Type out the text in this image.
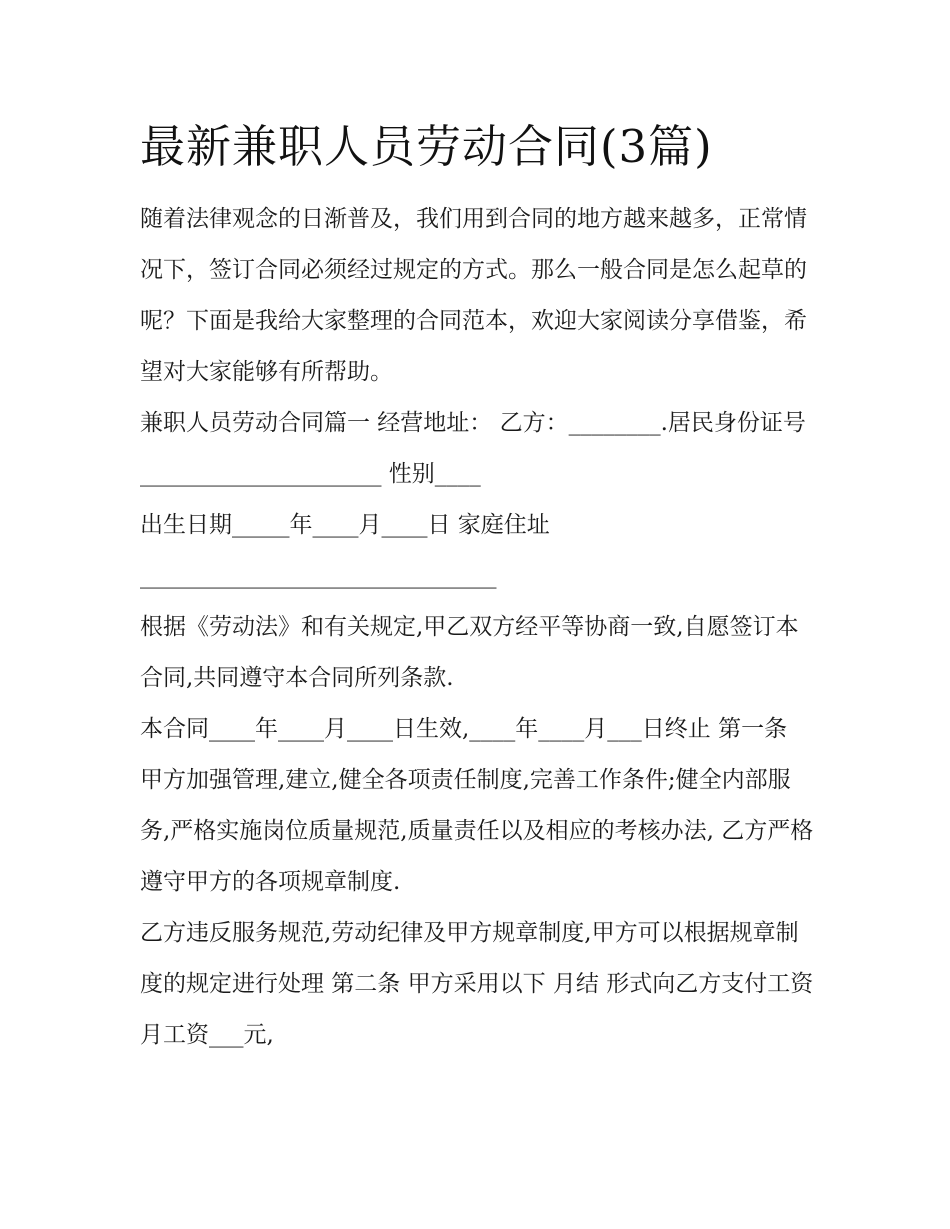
最新兼职人员劳动合同(3篇)

随着法律观念的日渐普及，我们用到合同的地方越来越多，正常情况下，签订合同必须经过规定的方式。那么一般合同是怎么起草的呢？下面是我给大家整理的合同范本，欢迎大家阅读分享借鉴，希望对大家能够有所帮助。

兼职人员劳动合同篇一 经营地址： 乙方：________.居民身份证号_____________________ 性别____

出生日期_____年____月____日 家庭住址

_______________________________

根据《劳动法》和有关规定,甲乙双方经平等协商一致,自愿签订本合同,共同遵守本合同所列条款.

本合同____年____月____日生效,____年____月___日终止 第一条

甲方加强管理,建立,健全各项责任制度,完善工作条件;健全内部服务,严格实施岗位质量规范,质量责任以及相应的考核办法, 乙方严格遵守甲方的各项规章制度.

乙方违反服务规范,劳动纪律及甲方规章制度,甲方可以根据规章制度的规定进行处理 第二条 甲方采用以下 月结 形式向乙方支付工资 月工资___元,
